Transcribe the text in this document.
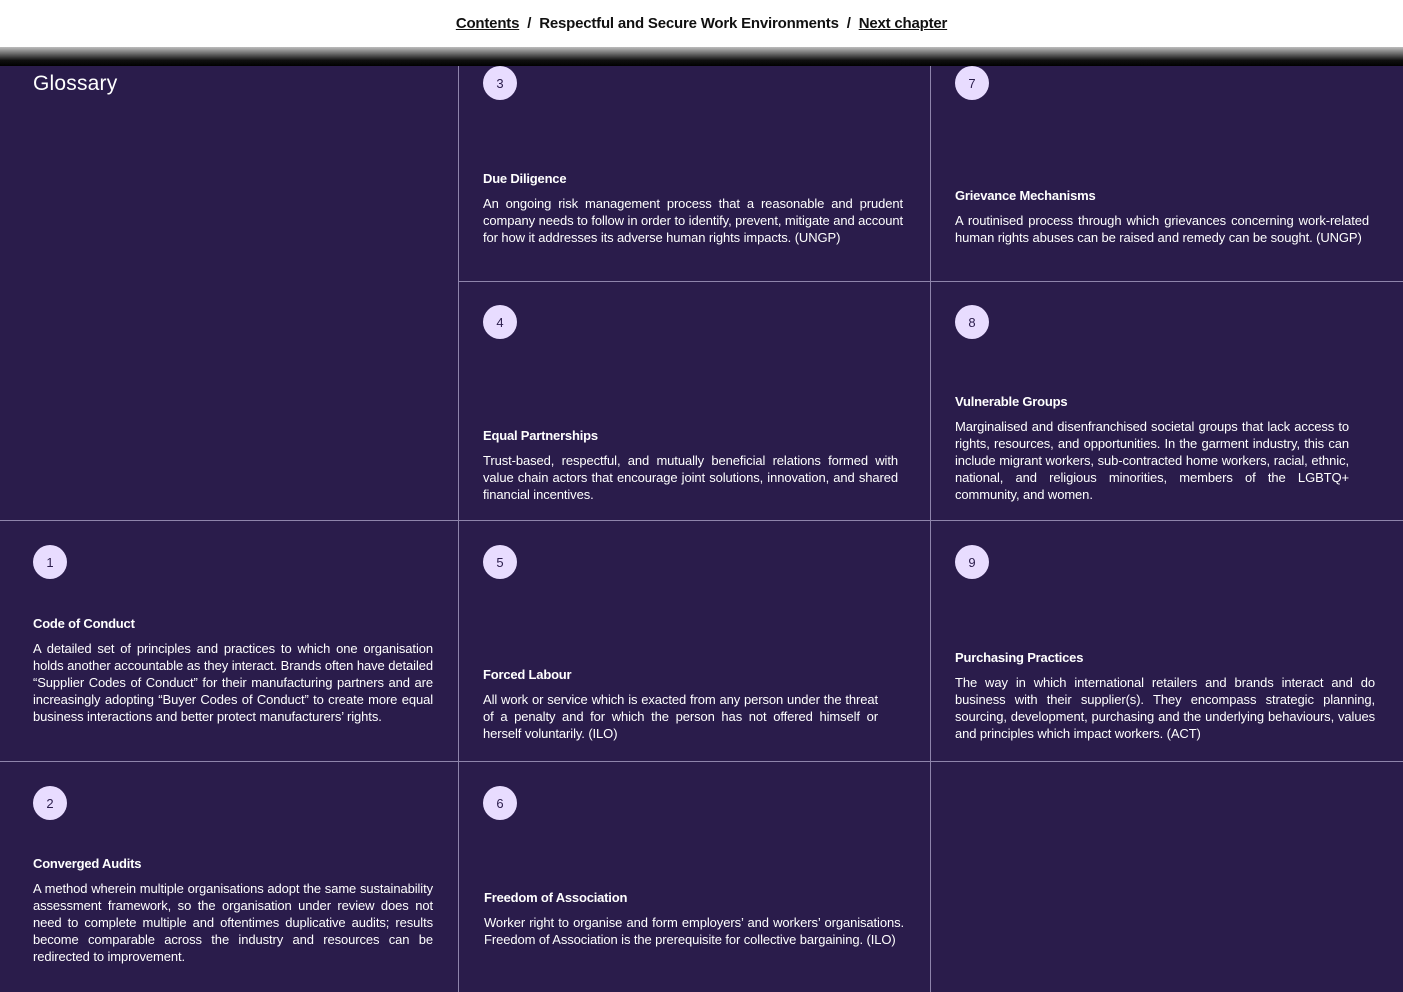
Contents / Respectful and Secure Work Environments / Next chapter
Glossary
1
Code of Conduct

A detailed set of principles and practices to which one organisation holds another accountable as they interact. Brands often have detailed “Supplier Codes of Conduct” for their manufacturing partners and are increasingly adopting “Buyer Codes of Conduct” to create more equal business interactions and better protect manufacturers’ rights.

2
Converged Audits

A method wherein multiple organisations adopt the same sustainability assessment framework, so the organisation under review does not need to complete multiple and oftentimes duplicative audits; results become comparable across the industry and resources can be redirected to improvement.

3
Due Diligence

An ongoing risk management process that a reasonable and prudent company needs to follow in order to identify, prevent, mitigate and account for how it addresses its adverse human rights impacts. (UNGP)

4
Equal Partnerships

Trust-based, respectful, and mutually beneficial relations formed with value chain actors that encourage joint solutions, innovation, and shared financial incentives.

5
Forced Labour

All work or service which is exacted from any person under the threat of a penalty and for which the person has not offered himself or herself voluntarily. (ILO)

6
Freedom of Association

Worker right to organise and form employers’ and workers’ organisations. Freedom of Association is the prerequisite for collective bargaining. (ILO)

7
Grievance Mechanisms

A routinised process through which grievances concerning work-related human rights abuses can be raised and remedy can be sought. (UNGP)

8
Vulnerable Groups

Marginalised and disenfranchised societal groups that lack access to rights, resources, and opportunities. In the garment industry, this can include migrant workers, sub-contracted home workers, racial, ethnic, national, and religious minorities, members of the LGBTQ+ community, and women.

9
Purchasing Practices

The way in which international retailers and brands interact and do business with their supplier(s). They encompass strategic planning, sourcing, development, purchasing and the underlying behaviours, values and principles which impact workers. (ACT)
